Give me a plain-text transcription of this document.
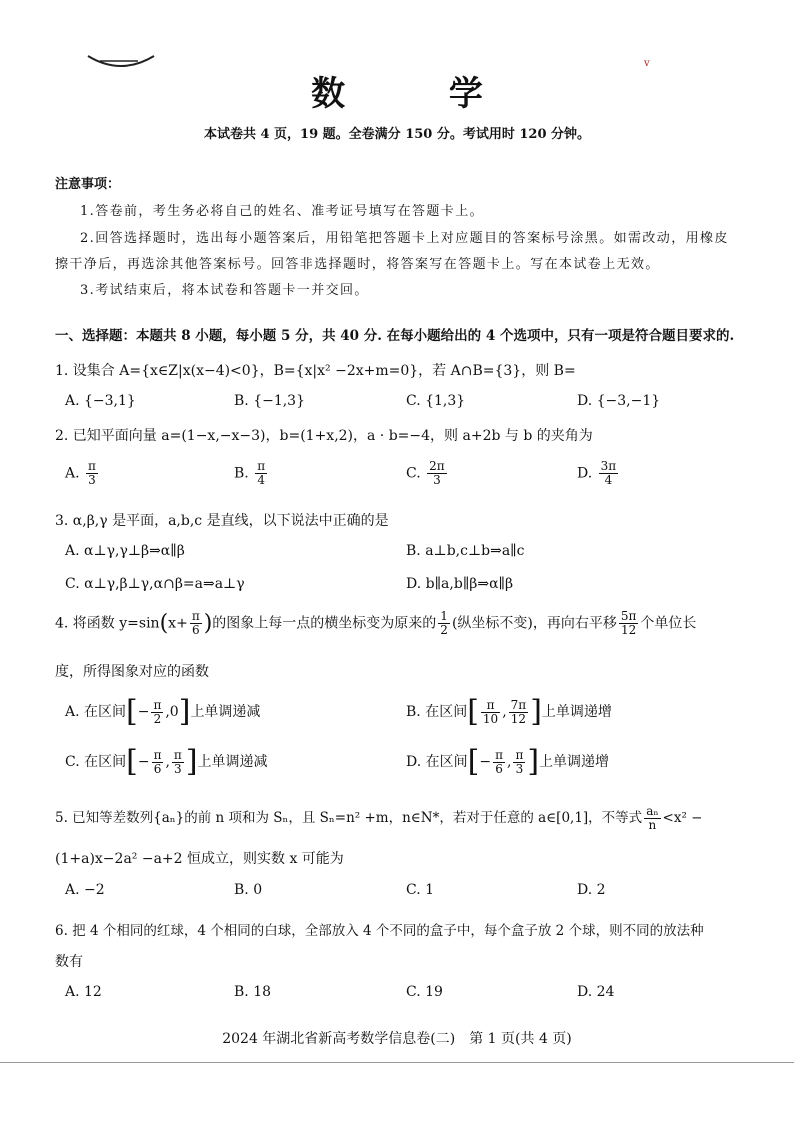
v
数 学
本试卷共 4 页，19 题。全卷满分 150 分。考试用时 120 分钟。
注意事项：
1.答卷前，考生务必将自己的姓名、准考证号填写在答题卡上。
2.回答选择题时，选出每小题答案后，用铅笔把答题卡上对应题目的答案标号涂黑。如需改动，用橡皮
擦干净后，再选涂其他答案标号。回答非选择题时，将答案写在答题卡上。写在本试卷上无效。
3.考试结束后，将本试卷和答题卡一并交回。
一、选择题：本题共 8 小题，每小题 5 分，共 40 分. 在每小题给出的 4 个选项中，只有一项是符合题目要求的.
1. 设集合 A={x∈Z|x(x−4)<0}，B={x|x² −2x+m=0}，若 A∩B={3}，则 B=
A. {−3,1}	B. {−1,3}	C. {1,3}	D. {−3,−1}
2. 已知平面向量 a=(1−x,−x−3)，b=(1+x,2)，a · b=−4，则 a+2b 与 b 的夹角为
A. $\frac{\pi}{3}$	B. $\frac{\pi}{4}$	C. $\frac{2\pi}{3}$	D. $\frac{3\pi}{4}$
3. α,β,γ 是平面，a,b,c 是直线，以下说法中正确的是
A. α⊥γ,γ⊥β⇒α∥β	B. a⊥b,c⊥b⇒a∥c
C. α⊥γ,β⊥γ,α∩β=a⇒a⊥γ	D. b∥a,b∥β⇒α∥β
4. 将函数 $y=\sin(x+ \frac{\pi}{6}$ )的图象上每一点的横坐标变为原来的 $\frac{1}{2}$ (纵坐标不变)，再向右平移 $\frac{5\pi}{12}$ 个单位长
度，所得图象对应的函数
A. 在区间[− $\frac{\pi}{2} ,0$]上单调递减	B. 在区间[ $\frac{\pi}{10}$ , $\frac{7\pi}{12}$ ]上单调递增
C. 在区间[− $\frac{\pi}{6}$ , $\frac{\pi}{3}$ ]上单调递减	D. 在区间[− $\frac{\pi}{6}$ , $\frac{\pi}{3}$ ]上单调递增
5. 已知等差数列{aₙ}的前 n 项和为 Sₙ，且 Sₙ=n² +m，n∈N*，若对于任意的 a∈[0,1]，不等式 $\frac{\text{aₙ}}{n} <x^2$ −
(1+a)x−2a² −a+2 恒成立，则实数 x 可能为
A. −2	B. 0	C. 1	D. 2
6. 把 4 个相同的红球，4 个相同的白球，全部放入 4 个不同的盒子中，每个盒子放 2 个球，则不同的放法种
数有
A. 12	B. 18	C. 19	D. 24
2024 年湖北省新高考数学信息卷(二)　第 1 页(共 4 页)
